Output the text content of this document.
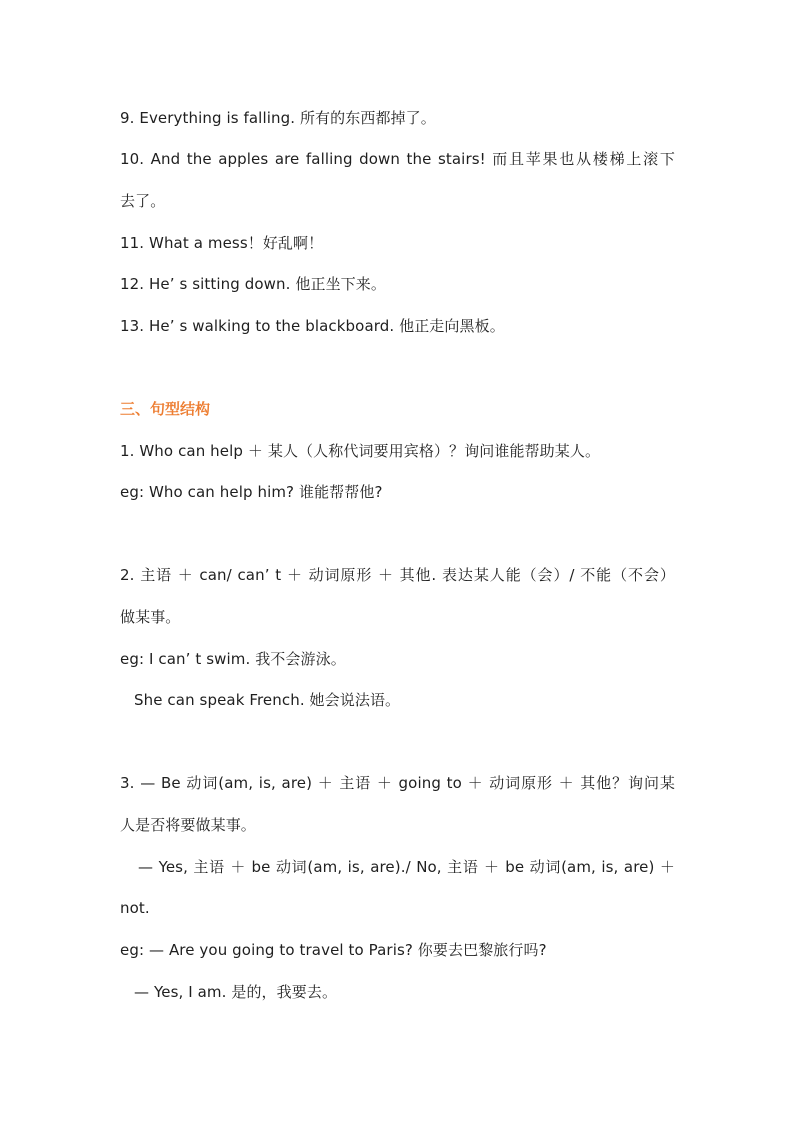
9. Everything is falling. 所有的东西都掉了。
10. And the apples are falling down the stairs! 而且苹果也从楼梯上滚下
去了。
11. What a mess！好乱啊！
12. He’ s sitting down. 他正坐下来。
13. He’ s walking to the blackboard. 他正走向黑板。
三、句型结构
1. Who can help ＋ 某人（人称代词要用宾格）？询问谁能帮助某人。
eg: Who can help him? 谁能帮帮他?
2. 主语 ＋ can/ can’ t ＋ 动词原形 ＋ 其他. 表达某人能（会）/ 不能（不会）
做某事。
eg: I can’ t swim. 我不会游泳。
She can speak French. 她会说法语。
3. — Be 动词(am, is, are) ＋ 主语 ＋ going to ＋ 动词原形 ＋ 其他？询问某
人是否将要做某事。
— Yes, 主语 ＋ be 动词(am, is, are)./ No, 主语 ＋ be 动词(am, is, are) ＋
not.
eg: — Are you going to travel to Paris? 你要去巴黎旅行吗?
— Yes, I am. 是的，我要去。
